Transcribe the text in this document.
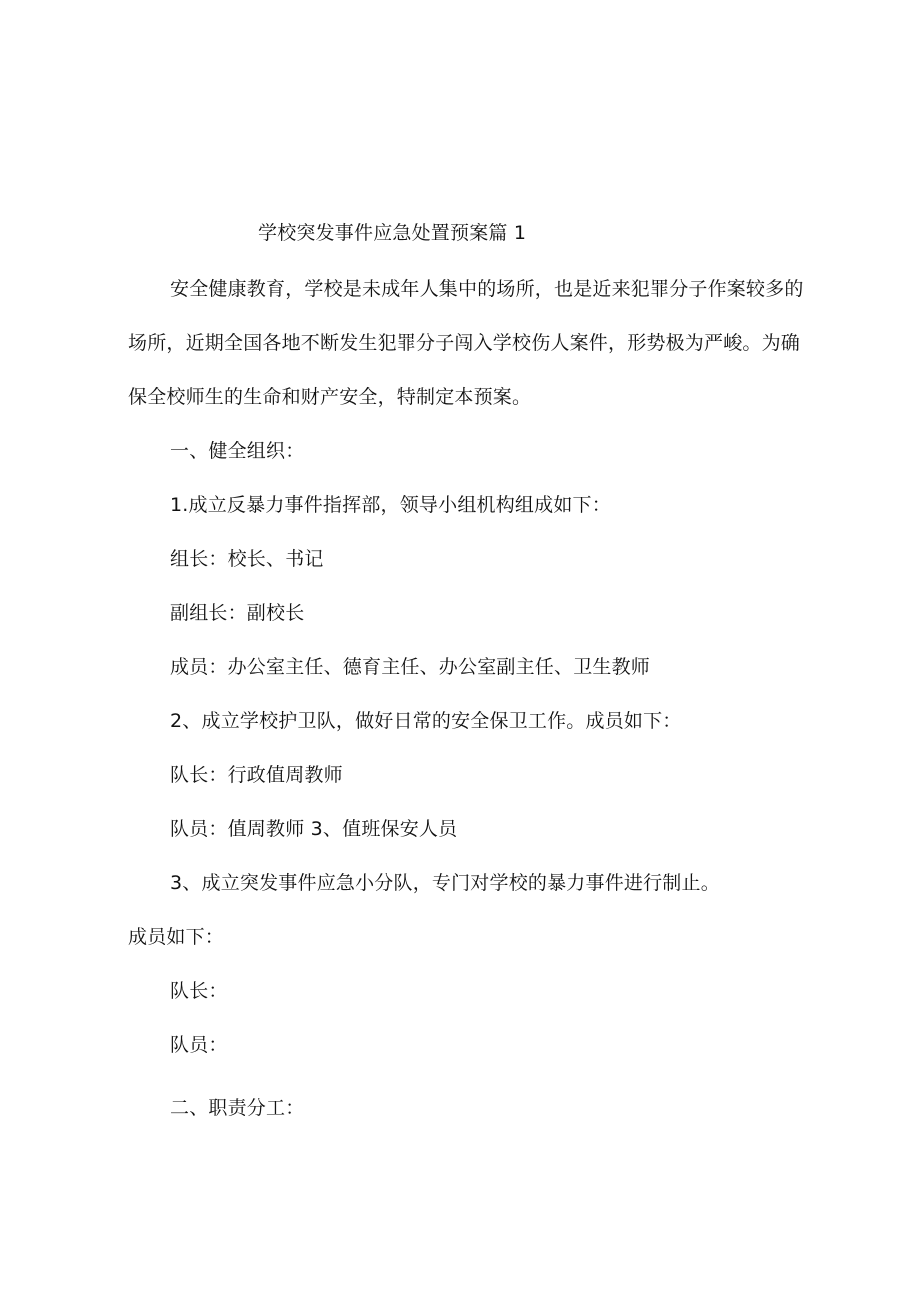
学校突发事件应急处置预案篇 1
安全健康教育，学校是未成年人集中的场所，也是近来犯罪分子作案较多的
场所，近期全国各地不断发生犯罪分子闯入学校伤人案件，形势极为严峻。为确
保全校师生的生命和财产安全，特制定本预案。
一、健全组织：
1.成立反暴力事件指挥部，领导小组机构组成如下：
组长：校长、书记
副组长：副校长
成员：办公室主任、德育主任、办公室副主任、卫生教师
2、成立学校护卫队，做好日常的安全保卫工作。成员如下：
队长：行政值周教师
队员：值周教师 3、值班保安人员
3、成立突发事件应急小分队，专门对学校的暴力事件进行制止。
成员如下：
队长：
队员：
二、职责分工：
